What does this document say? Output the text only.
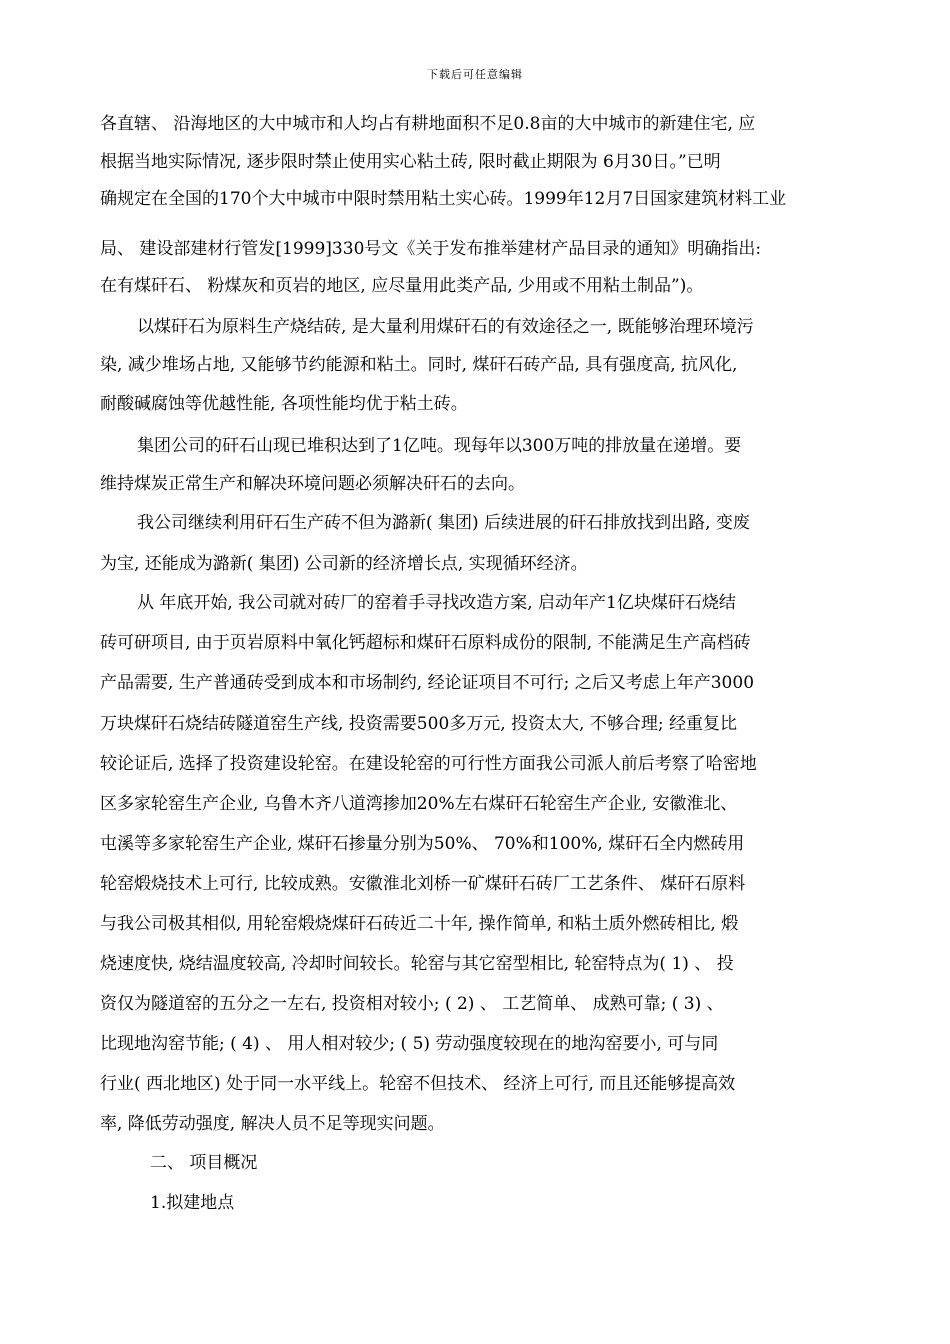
下载后可任意编辑
各直辖、 沿海地区的大中城市和人均占有耕地面积不足0.8亩的大中城市的新建住宅, 应
根据当地实际情况, 逐步限时禁止使用实心粘土砖, 限时截止期限为 6月30日。”已明
确规定在全国的170个大中城市中限时禁用粘土实心砖。1999年12月7日国家建筑材料工业
局、 建设部建材行管发[1999]330号文《关于发布推举建材产品目录的通知》明确指出:
在有煤矸石、 粉煤灰和页岩的地区, 应尽量用此类产品, 少用或不用粘土制品”)。
以煤矸石为原料生产烧结砖, 是大量利用煤矸石的有效途径之一, 既能够治理环境污
染, 减少堆场占地, 又能够节约能源和粘土。同时, 煤矸石砖产品, 具有强度高, 抗风化,
耐酸碱腐蚀等优越性能, 各项性能均优于粘土砖。
集团公司的矸石山现已堆积达到了1亿吨。现每年以300万吨的排放量在递增。要
维持煤炭正常生产和解决环境问题必须解决矸石的去向。
我公司继续利用矸石生产砖不但为潞新( 集团) 后续进展的矸石排放找到出路, 变废
为宝, 还能成为潞新( 集团) 公司新的经济增长点, 实现循环经济。
从 年底开始, 我公司就对砖厂的窑着手寻找改造方案, 启动年产1亿块煤矸石烧结
砖可研项目, 由于页岩原料中氧化钙超标和煤矸石原料成份的限制, 不能满足生产高档砖
产品需要, 生产普通砖受到成本和市场制约, 经论证项目不可行; 之后又考虑上年产3000
万块煤矸石烧结砖隧道窑生产线, 投资需要500多万元, 投资太大, 不够合理; 经重复比
较论证后, 选择了投资建设轮窑。在建设轮窑的可行性方面我公司派人前后考察了哈密地
区多家轮窑生产企业, 乌鲁木齐八道湾掺加20%左右煤矸石轮窑生产企业, 安徽淮北、
屯溪等多家轮窑生产企业, 煤矸石掺量分别为50%、 70%和100%, 煤矸石全内燃砖用
轮窑煅烧技术上可行, 比较成熟。安徽淮北刘桥一矿煤矸石砖厂工艺条件、 煤矸石原料
与我公司极其相似, 用轮窑煅烧煤矸石砖近二十年, 操作简单, 和粘土质外燃砖相比, 煅
烧速度快, 烧结温度较高, 冷却时间较长。轮窑与其它窑型相比, 轮窑特点为( 1) 、 投
资仅为隧道窑的五分之一左右, 投资相对较小; ( 2) 、 工艺简单、 成熟可靠; ( 3) 、
比现地沟窑节能; ( 4) 、 用人相对较少; ( 5) 劳动强度较现在的地沟窑要小, 可与同
行业( 西北地区) 处于同一水平线上。轮窑不但技术、 经济上可行, 而且还能够提高效
率, 降低劳动强度, 解决人员不足等现实问题。
二、 项目概况
1.拟建地点
